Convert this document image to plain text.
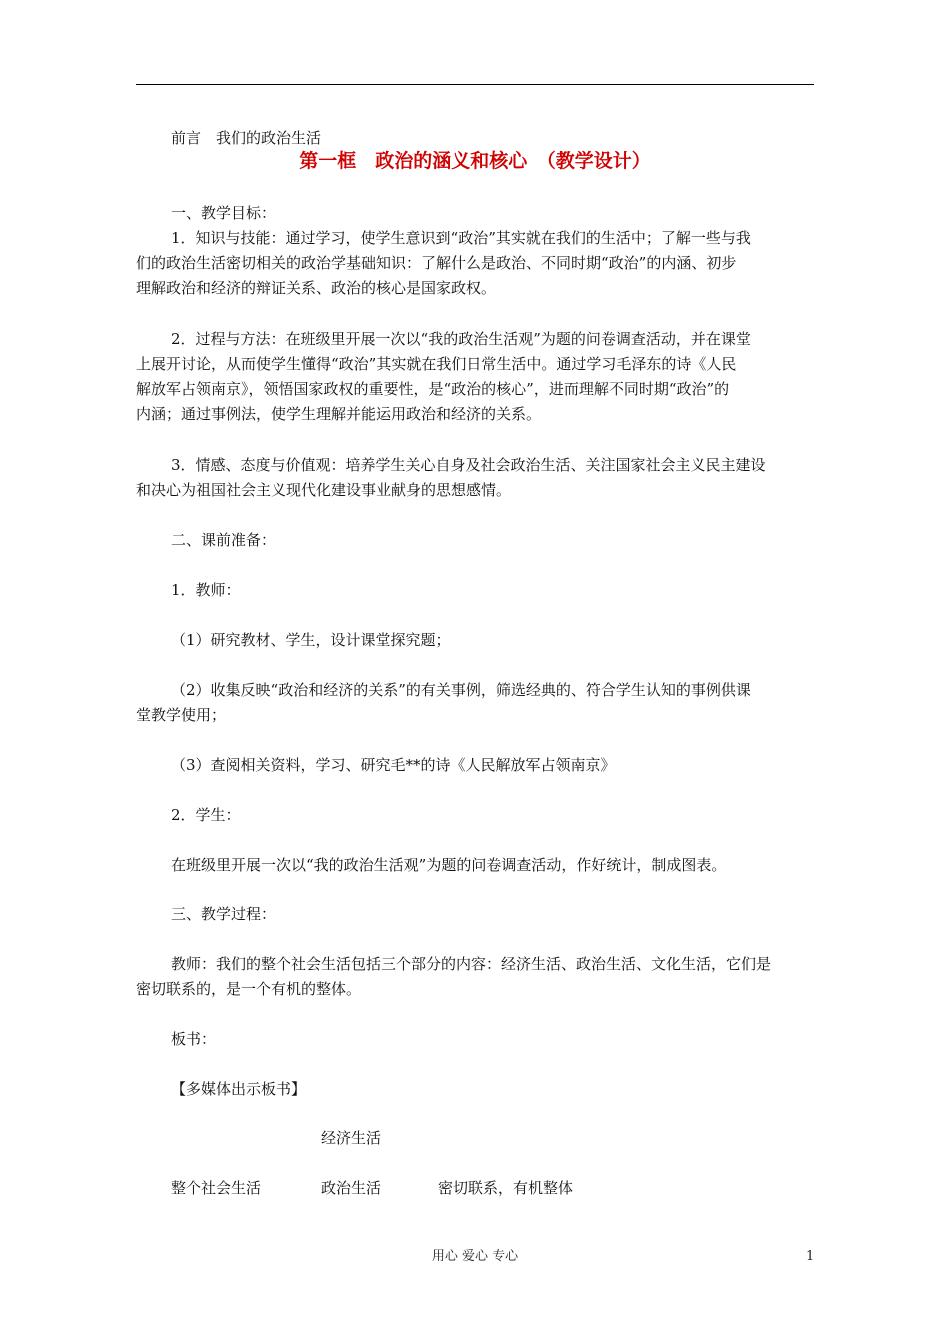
前言　我们的政治生活
第一框　政治的涵义和核心　（教学设计）
一、教学目标：
1．知识与技能：通过学习，使学生意识到“政治”其实就在我们的生活中；了解一些与我
们的政治生活密切相关的政治学基础知识：了解什么是政治、不同时期“政治”的内涵、初步
理解政治和经济的辩证关系、政治的核心是国家政权。
2．过程与方法：在班级里开展一次以“我的政治生活观”为题的问卷调查活动，并在课堂
上展开讨论，从而使学生懂得“政治”其实就在我们日常生活中。通过学习毛泽东的诗《人民
解放军占领南京》，领悟国家政权的重要性，是“政治的核心”，进而理解不同时期“政治”的
内涵；通过事例法，使学生理解并能运用政治和经济的关系。
3．情感、态度与价值观：培养学生关心自身及社会政治生活、关注国家社会主义民主建设
和决心为祖国社会主义现代化建设事业献身的思想感情。
二、课前准备：
1．教师：
（1）研究教材、学生，设计课堂探究题；
（2）收集反映“政治和经济的关系”的有关事例，筛选经典的、符合学生认知的事例供课
堂教学使用；
（3）查阅相关资料，学习、研究毛**的诗《人民解放军占领南京》
2．学生：
在班级里开展一次以“我的政治生活观”为题的问卷调查活动，作好统计，制成图表。
三、教学过程：
教师：我们的整个社会生活包括三个部分的内容：经济生活、政治生活、文化生活，它们是
密切联系的，是一个有机的整体。
板书：
【多媒体出示板书】
经济生活
整个社会生活	政治生活	密切联系，有机整体
用心 爱心 专心	1
